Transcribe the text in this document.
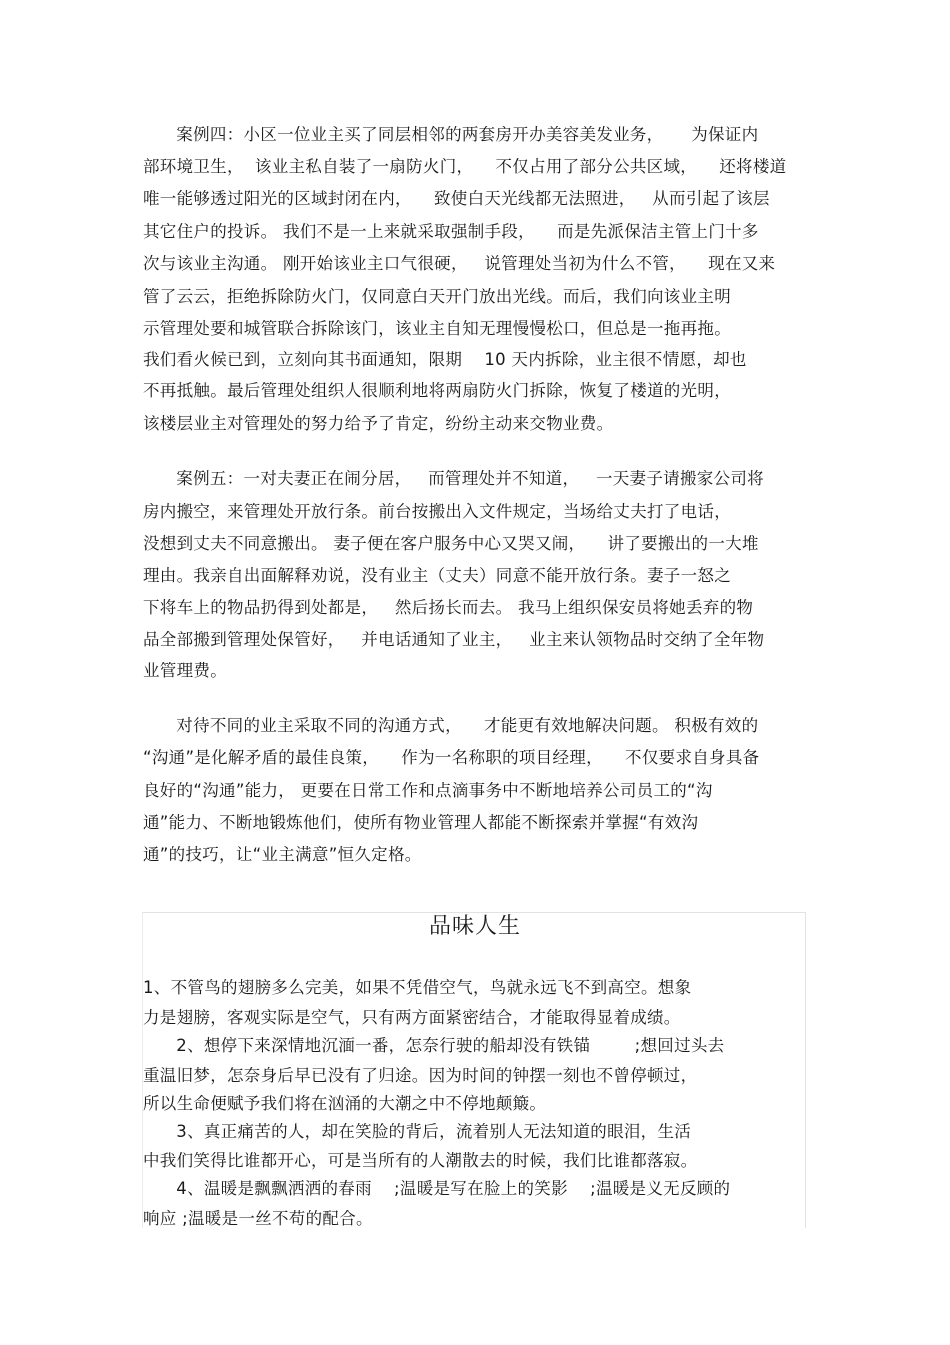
案例四：小区一位业主买了同层相邻的两套房开办美容美发业务，     为保证内
部环境卫生，  该业主私自装了一扇防火门，    不仅占用了部分公共区域，    还将楼道
唯一能够透过阳光的区域封闭在内，    致使白天光线都无法照进，   从而引起了该层
其它住户的投诉。 我们不是一上来就采取强制手段，    而是先派保洁主管上门十多
次与该业主沟通。 刚开始该业主口气很硬，   说管理处当初为什么不管，    现在又来
管了云云，拒绝拆除防火门，仅同意白天开门放出光线。而后，我们向该业主明
示管理处要和城管联合拆除该门，该业主自知无理慢慢松口，但总是一拖再拖。
我们看火候已到，立刻向其书面通知，限期    10 天内拆除，业主很不情愿，却也
不再抵触。最后管理处组织人很顺利地将两扇防火门拆除，恢复了楼道的光明，
该楼层业主对管理处的努力给予了肯定，纷纷主动来交物业费。
案例五：一对夫妻正在闹分居，   而管理处并不知道，   一天妻子请搬家公司将
房内搬空，来管理处开放行条。前台按搬出入文件规定，当场给丈夫打了电话，
没想到丈夫不同意搬出。 妻子便在客户服务中心又哭又闹，    讲了要搬出的一大堆
理由。我亲自出面解释劝说，没有业主（丈夫）同意不能开放行条。妻子一怒之
下将车上的物品扔得到处都是，   然后扬长而去。 我马上组织保安员将她丢弃的物
品全部搬到管理处保管好，   并电话通知了业主，   业主来认领物品时交纳了全年物
业管理费。
对待不同的业主采取不同的沟通方式，    才能更有效地解决问题。 积极有效的
“沟通”是化解矛盾的最佳良策，    作为一名称职的项目经理，    不仅要求自身具备
良好的“沟通”能力， 更要在日常工作和点滴事务中不断地培养公司员工的“沟
通”能力、不断地锻炼他们，使所有物业管理人都能不断探索并掌握“有效沟
通”的技巧，让“业主满意”恒久定格。
品味人生
1、不管鸟的翅膀多么完美，如果不凭借空气，鸟就永远飞不到高空。想象
力是翅膀，客观实际是空气，只有两方面紧密结合，才能取得显着成绩。
2、想停下来深情地沉湎一番，怎奈行驶的船却没有铁锚        ;想回过头去
重温旧梦，怎奈身后早已没有了归途。因为时间的钟摆一刻也不曾停顿过，
所以生命便赋予我们将在汹涌的大潮之中不停地颠簸。
3、真正痛苦的人，却在笑脸的背后，流着别人无法知道的眼泪，生活
中我们笑得比谁都开心，可是当所有的人潮散去的时候，我们比谁都落寂。
4、温暖是飘飘洒洒的春雨    ;温暖是写在脸上的笑影    ;温暖是义无反顾的
响应 ;温暖是一丝不苟的配合。
